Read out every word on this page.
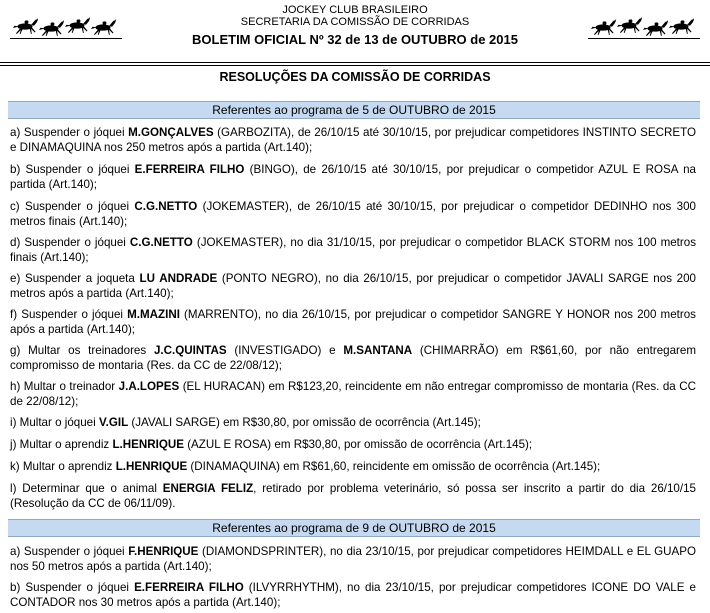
JOCKEY CLUB BRASILEIRO
SECRETARIA DA COMISSÃO DE CORRIDAS
BOLETIM OFICIAL Nº 32 de 13 de OUTUBRO de 2015
RESOLUÇÕES DA COMISSÃO DE CORRIDAS
Referentes ao programa de 5 de OUTUBRO de 2015
a) Suspender o jóquei M.GONÇALVES (GARBOZITA), de 26/10/15 até 30/10/15, por prejudicar competidores INSTINTO SECRETO e DINAMAQUINA nos 250 metros após a partida (Art.140);
b) Suspender o jóquei E.FERREIRA FILHO (BINGO), de 26/10/15 até 30/10/15, por prejudicar o competidor AZUL E ROSA na partida (Art.140);
c) Suspender o jóquei C.G.NETTO (JOKEMASTER), de 26/10/15 até 30/10/15, por prejudicar o competidor DEDINHO nos 300 metros finais (Art.140);
d) Suspender o jóquei C.G.NETTO (JOKEMASTER), no dia 31/10/15, por prejudicar o competidor BLACK STORM nos 100 metros finais (Art.140);
e) Suspender a joqueta LU ANDRADE (PONTO NEGRO), no dia 26/10/15, por prejudicar o competidor JAVALI SARGE nos 200 metros após a partida (Art.140);
f) Suspender o jóquei M.MAZINI (MARRENTO), no dia 26/10/15, por prejudicar o competidor SANGRE Y HONOR nos 200 metros após a partida (Art.140);
g) Multar os treinadores J.C.QUINTAS (INVESTIGADO) e M.SANTANA (CHIMARRÃO) em R$61,60, por não entregarem compromisso de montaria (Res. da CC de 22/08/12);
h) Multar o treinador J.A.LOPES (EL HURACAN) em R$123,20, reincidente em não entregar compromisso de montaria (Res. da CC de 22/08/12);
i) Multar o jóquei V.GIL (JAVALI SARGE) em R$30,80, por omissão de ocorrência (Art.145);
j) Multar o aprendiz L.HENRIQUE (AZUL E ROSA) em R$30,80, por omissão de ocorrência (Art.145);
k) Multar o aprendiz L.HENRIQUE (DINAMAQUINA) em R$61,60, reincidente em omissão de ocorrência (Art.145);
l) Determinar que o animal ENERGIA FELIZ, retirado por problema veterinário, só possa ser inscrito a partir do dia 26/10/15 (Resolução da CC de 06/11/09).
Referentes ao programa de 9 de OUTUBRO de 2015
a) Suspender o jóquei F.HENRIQUE (DIAMONDSPRINTER), no dia 23/10/15, por prejudicar competidores HEIMDALL e EL GUAPO nos 50 metros após a partida (Art.140);
b) Suspender o jóquei E.FERREIRA FILHO (ILVYRRHYTHM), no dia 23/10/15, por prejudicar competidores ICONE DO VALE e CONTADOR nos 30 metros após a partida (Art.140);
